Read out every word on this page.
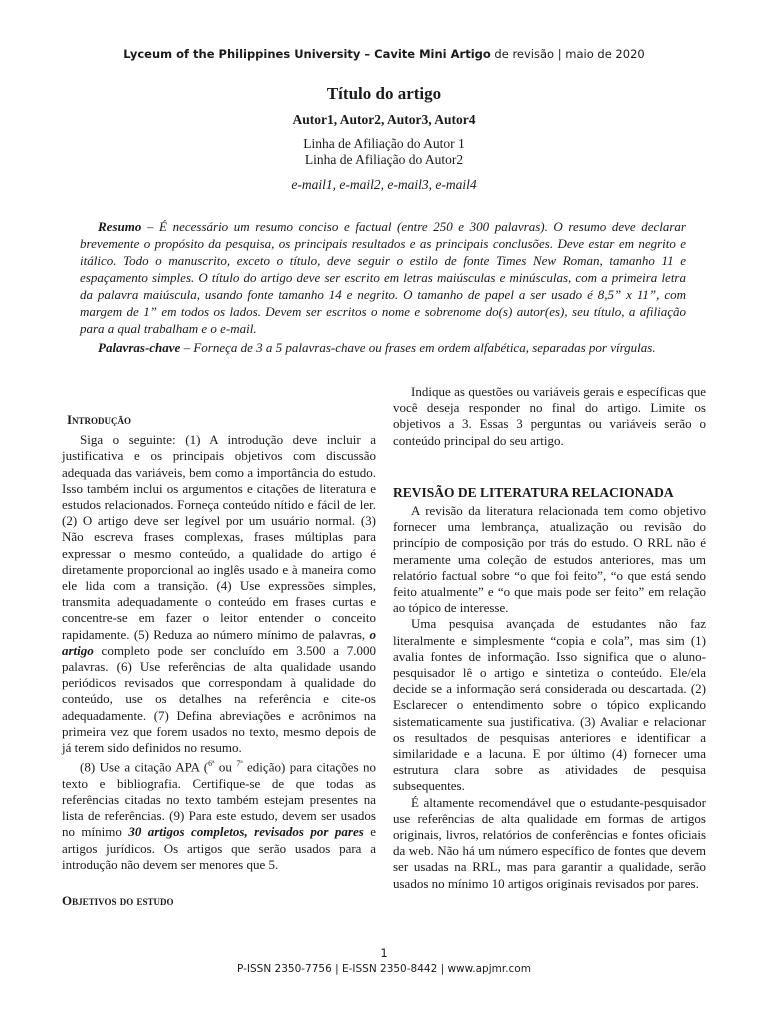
Lyceum of the Philippines University – Cavite Mini Artigo de revisão | maio de 2020
Título do artigo
Autor1, Autor2, Autor3, Autor4
Linha de Afiliação do Autor 1
Linha de Afiliação do Autor2
e-mail1, e-mail2, e-mail3, e-mail4
Resumo – É necessário um resumo conciso e factual (entre 250 e 300 palavras). O resumo deve declarar brevemente o propósito da pesquisa, os principais resultados e as principais conclusões. Deve estar em negrito e itálico. Todo o manuscrito, exceto o título, deve seguir o estilo de fonte Times New Roman, tamanho 11 e espaçamento simples. O título do artigo deve ser escrito em letras maiúsculas e minúsculas, com a primeira letra da palavra maiúscula, usando fonte tamanho 14 e negrito. O tamanho de papel a ser usado é 8,5” x 11”, com margem de 1” em todos os lados. Devem ser escritos o nome e sobrenome do(s) autor(es), seu título, a afiliação para a qual trabalham e o e-mail.
Palavras-chave – Forneça de 3 a 5 palavras-chave ou frases em ordem alfabética, separadas por vírgulas.
Introdução

Siga o seguinte: (1) A introdução deve incluir a justificativa e os principais objetivos com discussão adequada das variáveis, bem como a importância do estudo. Isso também inclui os argumentos e citações de literatura e estudos relacionados. Forneça conteúdo nítido e fácil de ler. (2) O artigo deve ser legível por um usuário normal. (3) Não escreva frases complexas, frases múltiplas para expressar o mesmo conteúdo, a qualidade do artigo é diretamente proporcional ao inglês usado e à maneira como ele lida com a transição. (4) Use expressões simples, transmita adequadamente o conteúdo em frases curtas e concentre-se em fazer o leitor entender o conceito rapidamente. (5) Reduza ao número mínimo de palavras, o artigo completo pode ser concluído em 3.500 a 7.000 palavras. (6) Use referências de alta qualidade usando periódicos revisados que correspondam à qualidade do conteúdo, use os detalhes na referência e cite-os adequadamente. (7) Defina abreviações e acrônimos na primeira vez que forem usados no texto, mesmo depois de já terem sido definidos no resumo.

(8) Use a citação APA ($^{6ª}$ ou $^{7ª}$ edição) para citações no texto e bibliografia. Certifique-se de que todas as referências citadas no texto também estejam presentes na lista de referências. (9) Para este estudo, devem ser usados no mínimo 30 artigos completos, revisados por pares e artigos jurídicos. Os artigos que serão usados para a introdução não devem ser menores que 5.

Objetivos do estudo

Indique as questões ou variáveis gerais e específicas que você deseja responder no final do artigo. Limite os objetivos a 3. Essas 3 perguntas ou variáveis serão o conteúdo principal do seu artigo.

REVISÃO DE LITERATURA RELACIONADA

A revisão da literatura relacionada tem como objetivo fornecer uma lembrança, atualização ou revisão do princípio de composição por trás do estudo. O RRL não é meramente uma coleção de estudos anteriores, mas um relatório factual sobre “o que foi feito”, “o que está sendo feito atualmente” e “o que mais pode ser feito” em relação ao tópico de interesse.

Uma pesquisa avançada de estudantes não faz literalmente e simplesmente “copia e cola”, mas sim (1) avalia fontes de informação. Isso significa que o aluno-pesquisador lê o artigo e sintetiza o conteúdo. Ele/ela decide se a informação será considerada ou descartada. (2) Esclarecer o entendimento sobre o tópico explicando sistematicamente sua justificativa. (3) Avaliar e relacionar os resultados de pesquisas anteriores e identificar a similaridade e a lacuna. E por último (4) fornecer uma estrutura clara sobre as atividades de pesquisa subsequentes.

É altamente recomendável que o estudante-pesquisador use referências de alta qualidade em formas de artigos originais, livros, relatórios de conferências e fontes oficiais da web. Não há um número específico de fontes que devem ser usadas na RRL, mas para garantir a qualidade, serão usados no mínimo 10 artigos originais revisados por pares.

1
P-ISSN 2350-7756 | E-ISSN 2350-8442 | www.apjmr.com
